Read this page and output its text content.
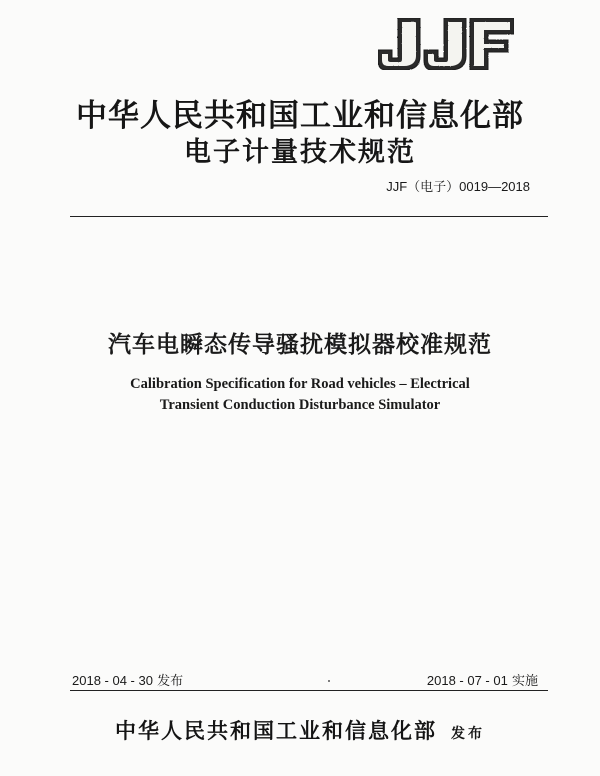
中华人民共和国工业和信息化部
电子计量技术规范
JJF（电子）0019—2018
汽车电瞬态传导骚扰模拟器校准规范
Calibration Specification for Road vehicles – Electrical
Transient Conduction Disturbance Simulator
2018 - 04 - 30 发布	2018 - 07 - 01 实施
中华人民共和国工业和信息化部 发布
